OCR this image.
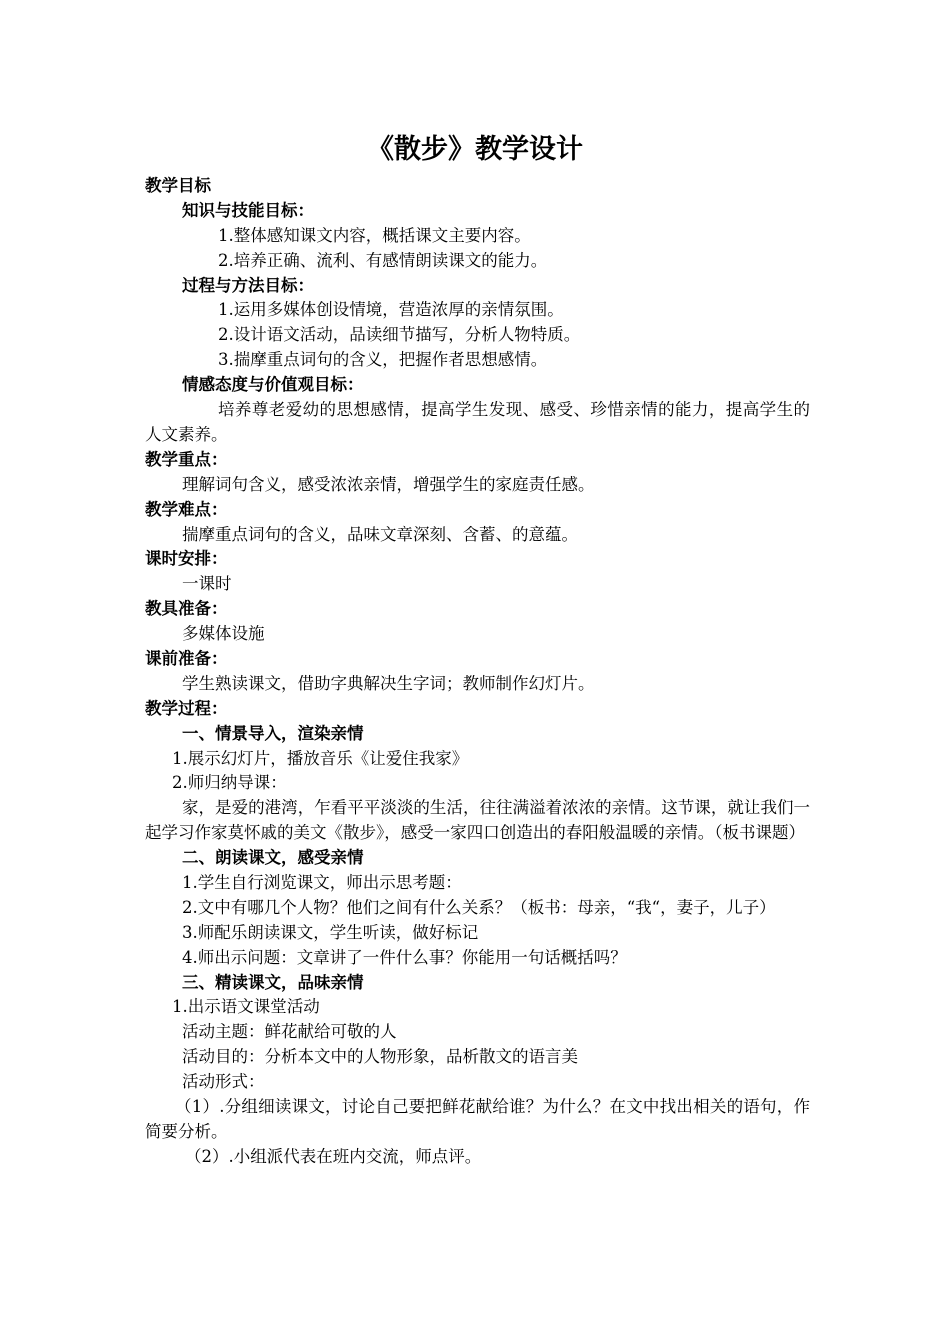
《散步》教学设计
教学目标
知识与技能目标：
1.整体感知课文内容，概括课文主要内容。
2.培养正确、流利、有感情朗读课文的能力。
过程与方法目标：
1.运用多媒体创设情境，营造浓厚的亲情氛围。
2.设计语文活动，品读细节描写，分析人物特质。
3.揣摩重点词句的含义，把握作者思想感情。
情感态度与价值观目标：
培养尊老爱幼的思想感情，提高学生发现、感受、珍惜亲情的能力，提高学生的人文素养。
教学重点：
理解词句含义，感受浓浓亲情，增强学生的家庭责任感。
教学难点：
揣摩重点词句的含义，品味文章深刻、含蓄、的意蕴。
课时安排：
一课时
教具准备：
多媒体设施
课前准备：
学生熟读课文，借助字典解决生字词；教师制作幻灯片。
教学过程：
一、情景导入，渲染亲情
1.展示幻灯片，播放音乐《让爱住我家》
2.师归纳导课：
家，是爱的港湾，乍看平平淡淡的生活，往往满溢着浓浓的亲情。这节课，就让我们一起学习作家莫怀戚的美文《散步》，感受一家四口创造出的春阳般温暖的亲情。（板书课题）
二、朗读课文，感受亲情
1.学生自行浏览课文，师出示思考题：
2.文中有哪几个人物？他们之间有什么关系？（板书：母亲，“我“，妻子，儿子）
3.师配乐朗读课文，学生听读，做好标记
4.师出示问题：文章讲了一件什么事？你能用一句话概括吗？
三、精读课文，品味亲情
1.出示语文课堂活动
活动主题：鲜花献给可敬的人
活动目的：分析本文中的人物形象，品析散文的语言美
活动形式：
（1）.分组细读课文，讨论自己要把鲜花献给谁？为什么？在文中找出相关的语句，作简要分析。
（2）.小组派代表在班内交流，师点评。
